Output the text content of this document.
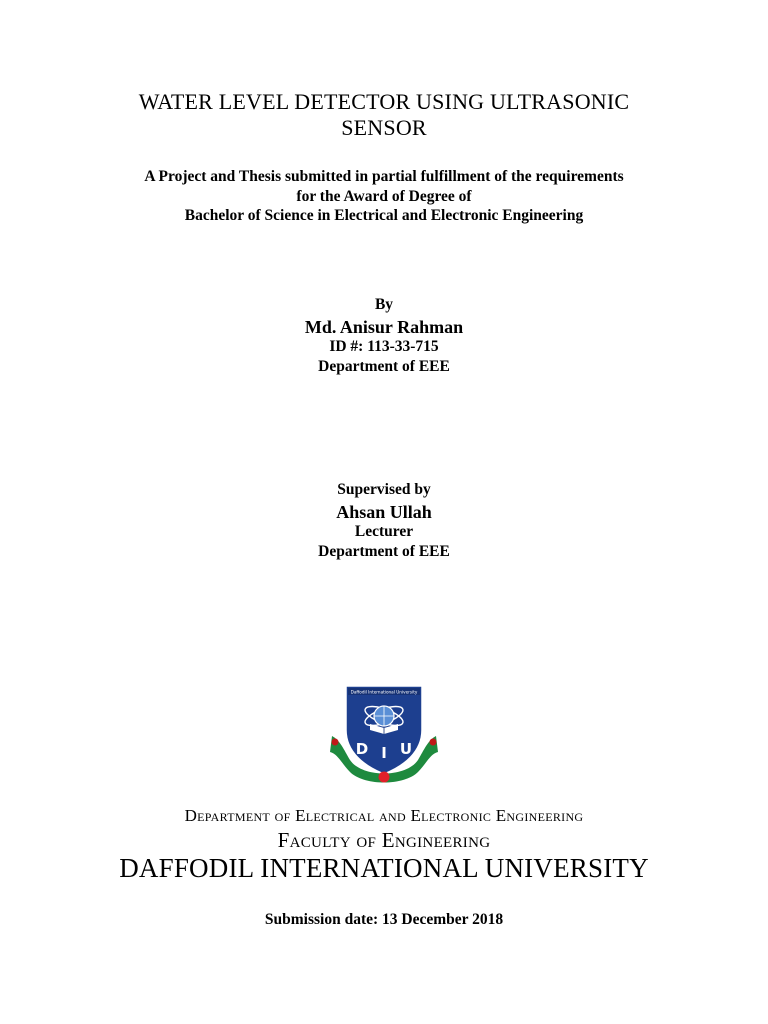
WATER LEVEL DETECTOR USING ULTRASONIC
SENSOR
A Project and Thesis submitted in partial fulfillment of the requirements
for the Award of Degree of
Bachelor of Science in Electrical and Electronic Engineering
By
Md. Anisur Rahman
ID #: 113-33-715
Department of EEE
Supervised by
Ahsan Ullah
Lecturer
Department of EEE
Daffodil International University
D I U
Department of Electrical and Electronic Engineering
Faculty of Engineering
DAFFODIL INTERNATIONAL UNIVERSITY
Submission date: 13 December 2018
